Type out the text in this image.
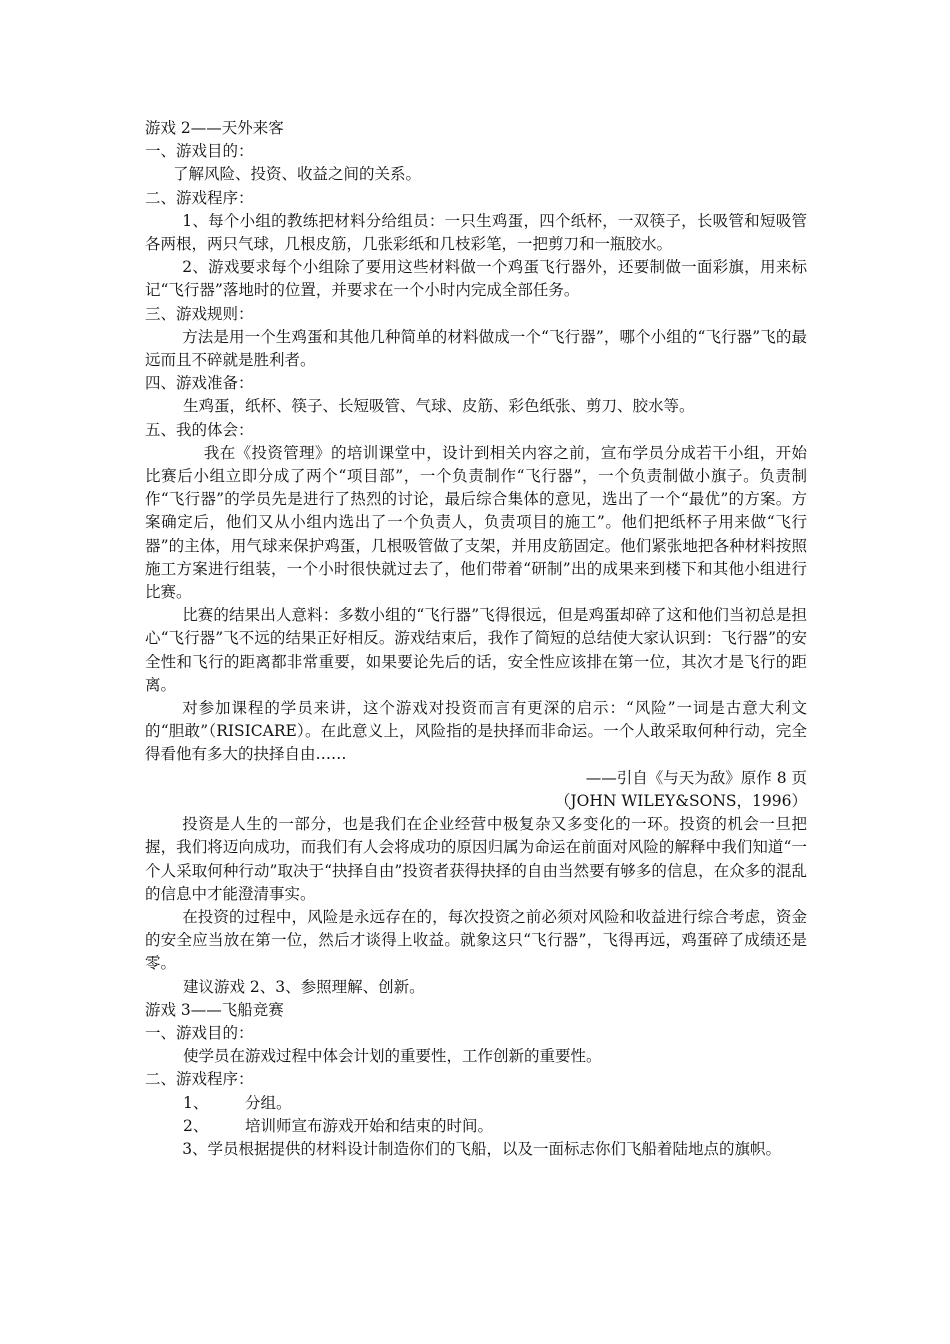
游戏 2——天外来客

一、游戏目的：

了解风险、投资、收益之间的关系。

二、游戏程序：

1、每个小组的教练把材料分给组员：一只生鸡蛋，四个纸杯，一双筷子，长吸管和短吸管各两根，两只气球，几根皮筋，几张彩纸和几枝彩笔，一把剪刀和一瓶胶水。

2、游戏要求每个小组除了要用这些材料做一个鸡蛋飞行器外，还要制做一面彩旗，用来标记“飞行器”落地时的位置，并要求在一个小时内完成全部任务。

三、游戏规则：

方法是用一个生鸡蛋和其他几种简单的材料做成一个“飞行器”，哪个小组的“飞行器”飞的最远而且不碎就是胜利者。

四、游戏准备：

生鸡蛋，纸杯、筷子、长短吸管、气球、皮筋、彩色纸张、剪刀、胶水等。

五、我的体会：

我在《投资管理》的培训课堂中，设计到相关内容之前，宣布学员分成若干小组，开始比赛后小组立即分成了两个“项目部”，一个负责制作“飞行器”，一个负责制做小旗子。负责制作“飞行器”的学员先是进行了热烈的讨论，最后综合集体的意见，选出了一个“最优”的方案。方案确定后，他们又从小组内选出了一个负责人，负责项目的施工”。他们把纸杯子用来做“飞行器”的主体，用气球来保护鸡蛋，几根吸管做了支架，并用皮筋固定。他们紧张地把各种材料按照施工方案进行组装，一个小时很快就过去了，他们带着“研制”出的成果来到楼下和其他小组进行比赛。

比赛的结果出人意料：多数小组的“飞行器”飞得很远，但是鸡蛋却碎了这和他们当初总是担心“飞行器”飞不远的结果正好相反。游戏结束后，我作了简短的总结使大家认识到：飞行器”的安全性和飞行的距离都非常重要，如果要论先后的话，安全性应该排在第一位，其次才是飞行的距离。

对参加课程的学员来讲，这个游戏对投资而言有更深的启示：“风险”一词是古意大利文的“胆敢”（RISICARE）。在此意义上，风险指的是抉择而非命运。一个人敢采取何种行动，完全得看他有多大的抉择自由……

——引自《与天为敌》原作 8 页

（JOHN WILEY&SONS，1996）

投资是人生的一部分，也是我们在企业经营中极复杂又多变化的一环。投资的机会一旦把握，我们将迈向成功，而我们有人会将成功的原因归属为命运在前面对风险的解释中我们知道“一个人采取何种行动”取决于“抉择自由”投资者获得抉择的自由当然要有够多的信息，在众多的混乱的信息中才能澄清事实。

在投资的过程中，风险是永远存在的，每次投资之前必须对风险和收益进行综合考虑，资金的安全应当放在第一位，然后才谈得上收益。就象这只“飞行器”，飞得再远，鸡蛋碎了成绩还是零。

建议游戏 2、3、参照理解、创新。

游戏 3——飞船竞赛

一、游戏目的：

使学员在游戏过程中体会计划的重要性，工作创新的重要性。

二、游戏程序：

1、 分组。

2、 培训师宣布游戏开始和结束的时间。

3、学员根据提供的材料设计制造你们的飞船，以及一面标志你们飞船着陆地点的旗帜。
